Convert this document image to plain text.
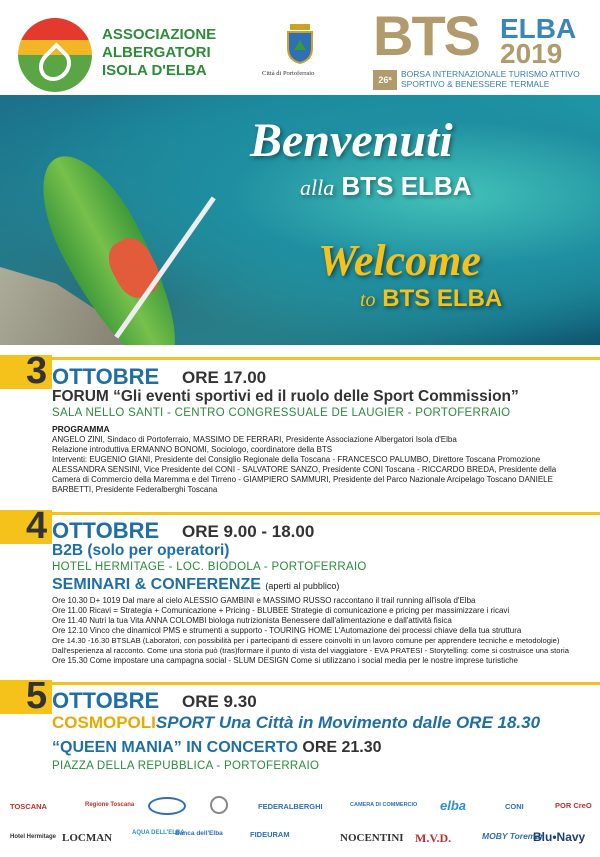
ASSOCIAZIONE
ALBERGATORI
ISOLA D'ELBA	Città di Portoferraio
BTS ELBA
2019
26ª
BORSA INTERNAZIONALE TURISMO ATTIVO
SPORTIVO & BENESSERE TERMALE
Benvenuti
alla BTS ELBA
Welcome
to BTS ELBA
3 OTTOBRE ORE 17.00
FORUM “Gli eventi sportivi ed il ruolo delle Sport Commission”
SALA NELLO SANTI - CENTRO CONGRESSUALE DE LAUGIER - PORTOFERRAIO
PROGRAMMA
ANGELO ZINI, Sindaco di Portoferraio, MASSIMO DE FERRARI, Presidente Associazione Albergatori Isola d'Elba
Relazione introduttiva ERMANNO BONOMI, Sociologo, coordinatore della BTS
Interventi: EUGENIO GIANI, Presidente del Consiglio Regionale della Toscana - FRANCESCO PALUMBO, Direttore Toscana Promozione
ALESSANDRA SENSINI, Vice Presidente del CONI - SALVATORE SANZO, Presidente CONI Toscana - RICCARDO BREDA, Presidente della
Camera di Commercio della Maremma e del Tirreno - GIAMPIERO SAMMURI, Presidente del Parco Nazionale Arcipelago Toscano DANIELE
BARBETTI, Presidente Federalberghi Toscana
4 OTTOBRE ORE 9.00 - 18.00
B2B (solo per operatori)
HOTEL HERMITAGE - LOC. BIODOLA - PORTOFERRAIO
SEMINARI & CONFERENZE (aperti al pubblico)
Ore 10.30 D+ 1019 Dal mare al cielo ALESSIO GAMBINI e MASSIMO RUSSO raccontano il trail running all'isola d'Elba
Ore 11.00 Ricavi = Strategia + Comunicazione + Pricing - BLUBEE Strategie di comunicazione e pricing per massimizzare i ricavi
Ore 11.40 Nutri la tua Vita ANNA COLOMBI biologa nutrizionista Benessere dall'alimentazione e dall'attività fisica
Ore 12.10 Vinco che dinamicol PMS e strumenti a supporto - TOURING HOME L'Automazione dei processi chiave della tua struttura
Ore 14.30 -16.30 BTSLAB (Laboratori, con possibilità per i partecipanti di essere coinvolti in un lavoro comune per apprendere tecniche e metodologie)
Dall'esperienza al racconto. Come una storia può (tras)formare il punto di vista del viaggiatore - EVA PRATESI - Storytelling: come si costruisce una storia
Ore 15.30 Come impostare una campagna social - SLUM DESIGN Come si utilizzano i social media per le nostre imprese turistiche
5 OTTOBRE ORE 9.30
COSMOPOLISPORT Una Città in Movimento dalle ORE 18.30
“QUEEN MANIA” IN CONCERTO ORE 21.30
PIAZZA DELLA REPUBBLICA - PORTOFERRAIO
TOSCANA	Regione Toscana	FEDERALBERGHI	CAMERA DI COMMERCIO elba	CONI	POR CreO
Hotel Hermitage LOCMAN	AQUA DELL'ELBA
Banca dell'Elba	FIDEURAM	NOCENTINI M.V.D.	MOBY Toremar
Blu•Navy
